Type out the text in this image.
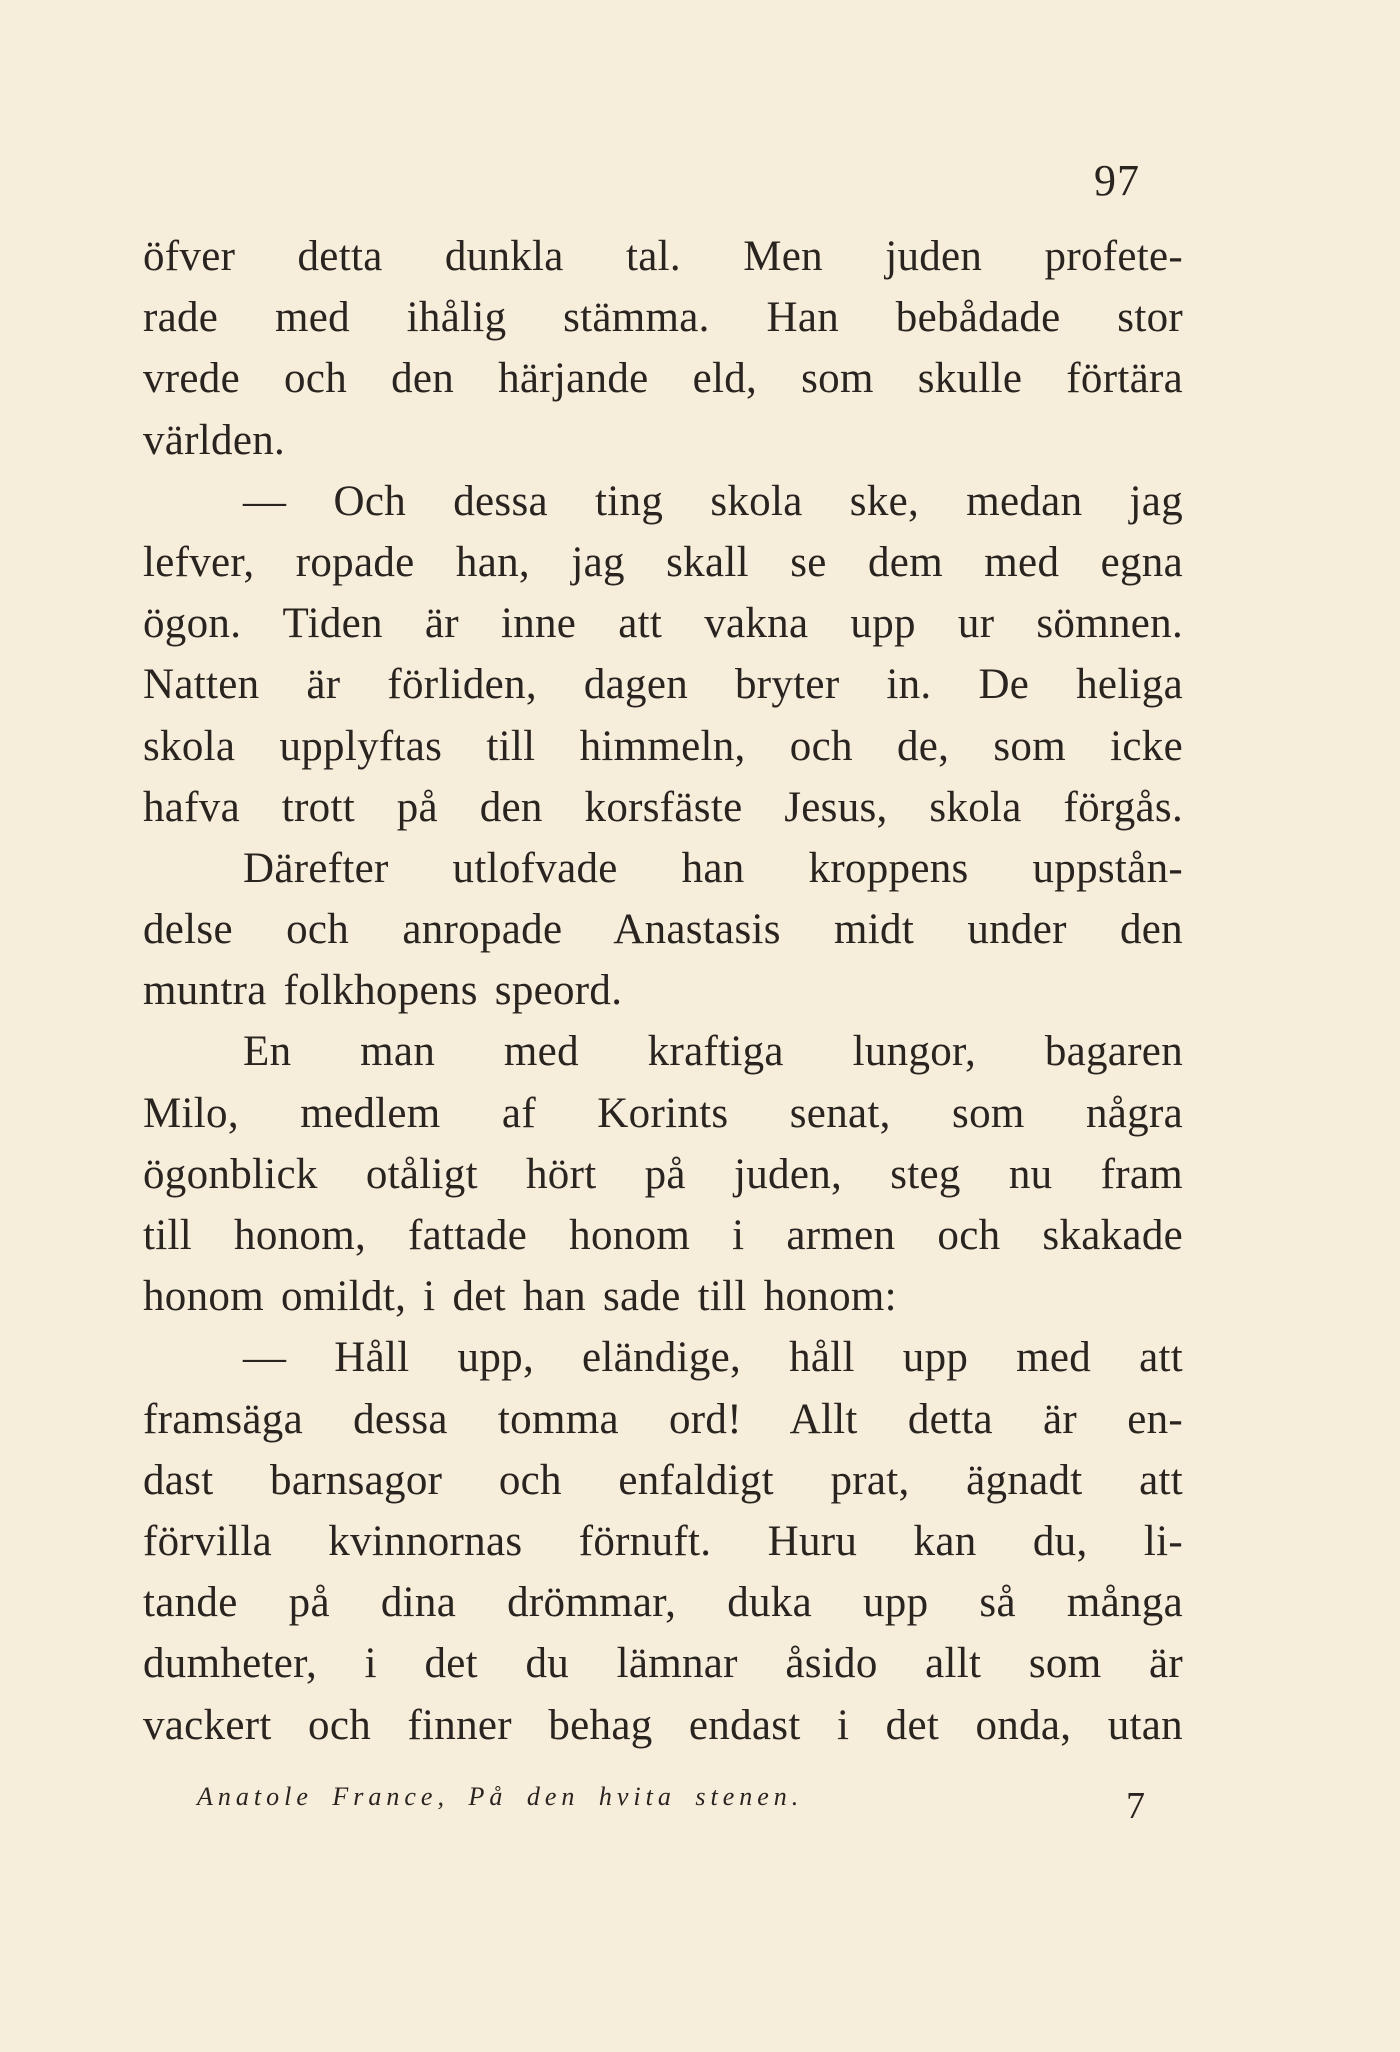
97
öfver detta dunkla tal. Men juden profete-
rade med ihålig stämma. Han bebådade stor
vrede och den härjande eld, som skulle förtära
världen.
— Och dessa ting skola ske, medan jag
lefver, ropade han, jag skall se dem med egna
ögon. Tiden är inne att vakna upp ur sömnen.
Natten är förliden, dagen bryter in. De heliga
skola upplyftas till himmeln, och de, som icke
hafva trott på den korsfäste Jesus, skola förgås.
Därefter utlofvade han kroppens uppstån-
delse och anropade Anastasis midt under den
muntra folkhopens speord.
En man med kraftiga lungor, bagaren
Milo, medlem af Korints senat, som några
ögonblick otåligt hört på juden, steg nu fram
till honom, fattade honom i armen och skakade
honom omildt, i det han sade till honom:
— Håll upp, eländige, håll upp med att
framsäga dessa tomma ord! Allt detta är en-
dast barnsagor och enfaldigt prat, ägnadt att
förvilla kvinnornas förnuft. Huru kan du, li-
tande på dina drömmar, duka upp så många
dumheter, i det du lämnar åsido allt som är
vackert och finner behag endast i det onda, utan
Anatole France, På den hvita stenen.	7
